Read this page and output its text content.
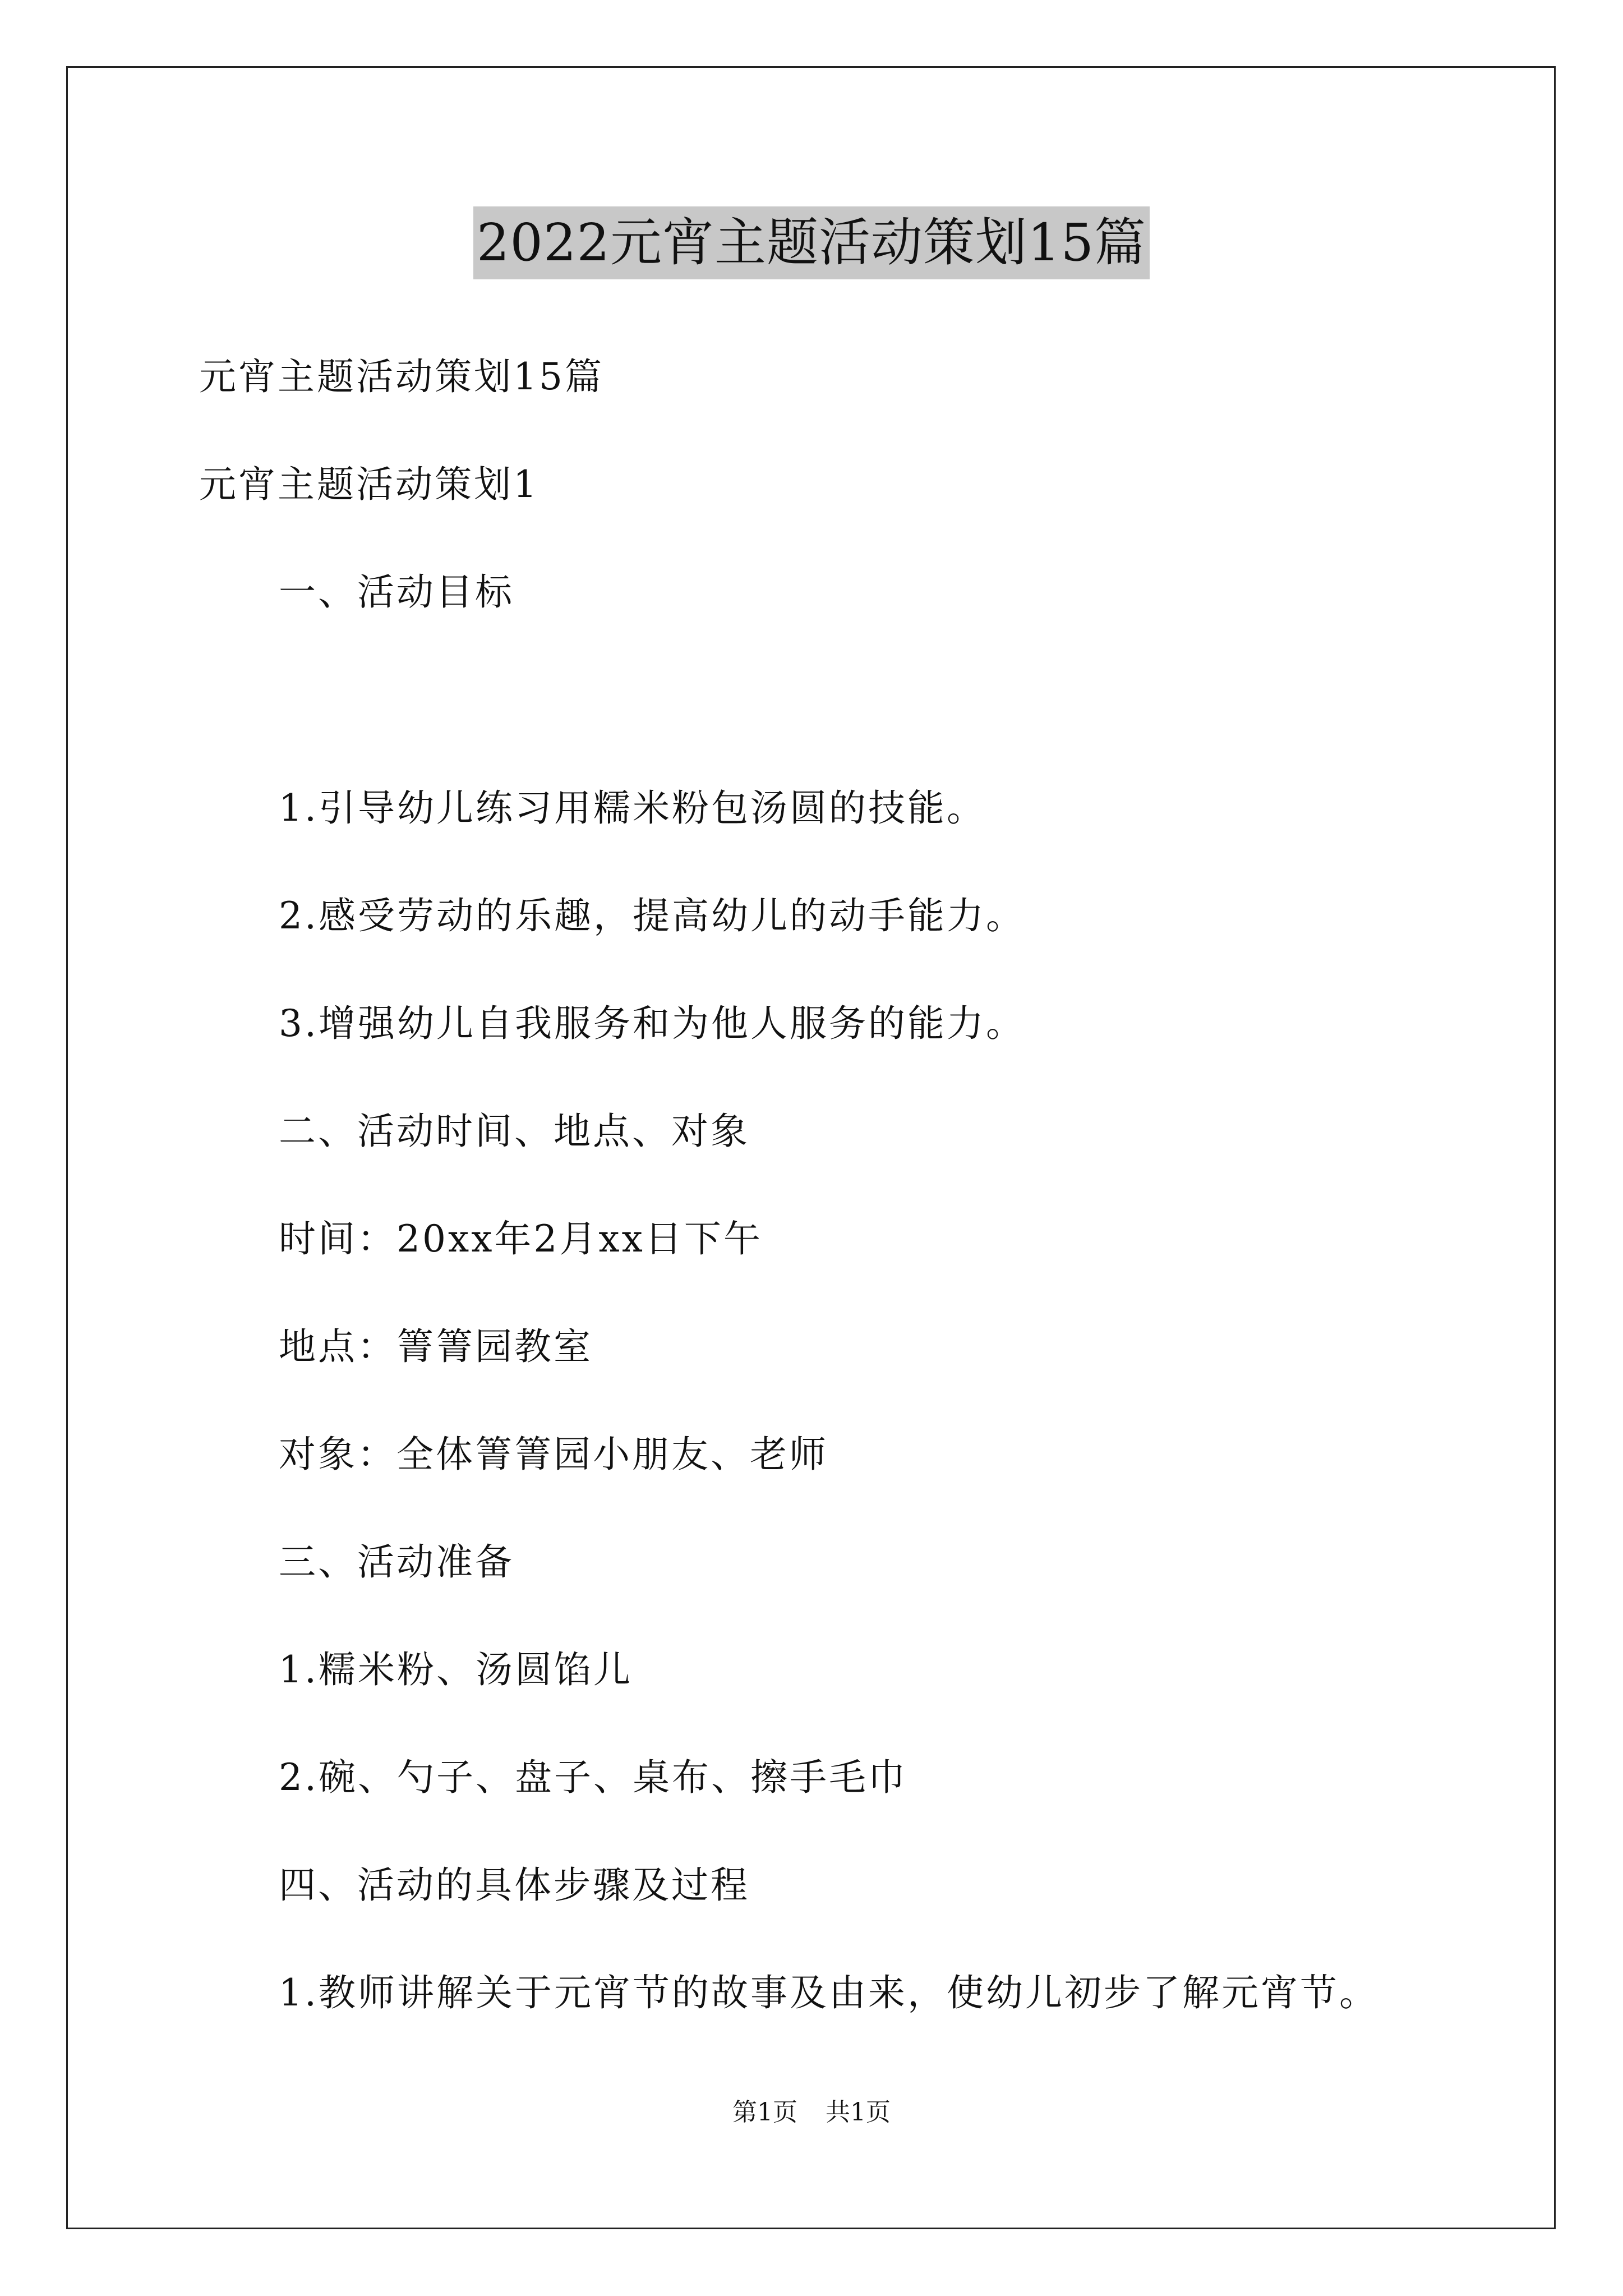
2022元宵主题活动策划15篇
元宵主题活动策划15篇
元宵主题活动策划1
一、活动目标
1.引导幼儿练习用糯米粉包汤圆的技能。
2.感受劳动的乐趣，提高幼儿的动手能力。
3.增强幼儿自我服务和为他人服务的能力。
二、活动时间、地点、对象
时间：20xx年2月xx日下午
地点：箐箐园教室
对象：全体箐箐园小朋友、老师
三、活动准备
1.糯米粉、汤圆馅儿
2.碗、勺子、盘子、桌布、擦手毛巾
四、活动的具体步骤及过程
1.教师讲解关于元宵节的故事及由来，使幼儿初步了解元宵节。
第1页 共1页
